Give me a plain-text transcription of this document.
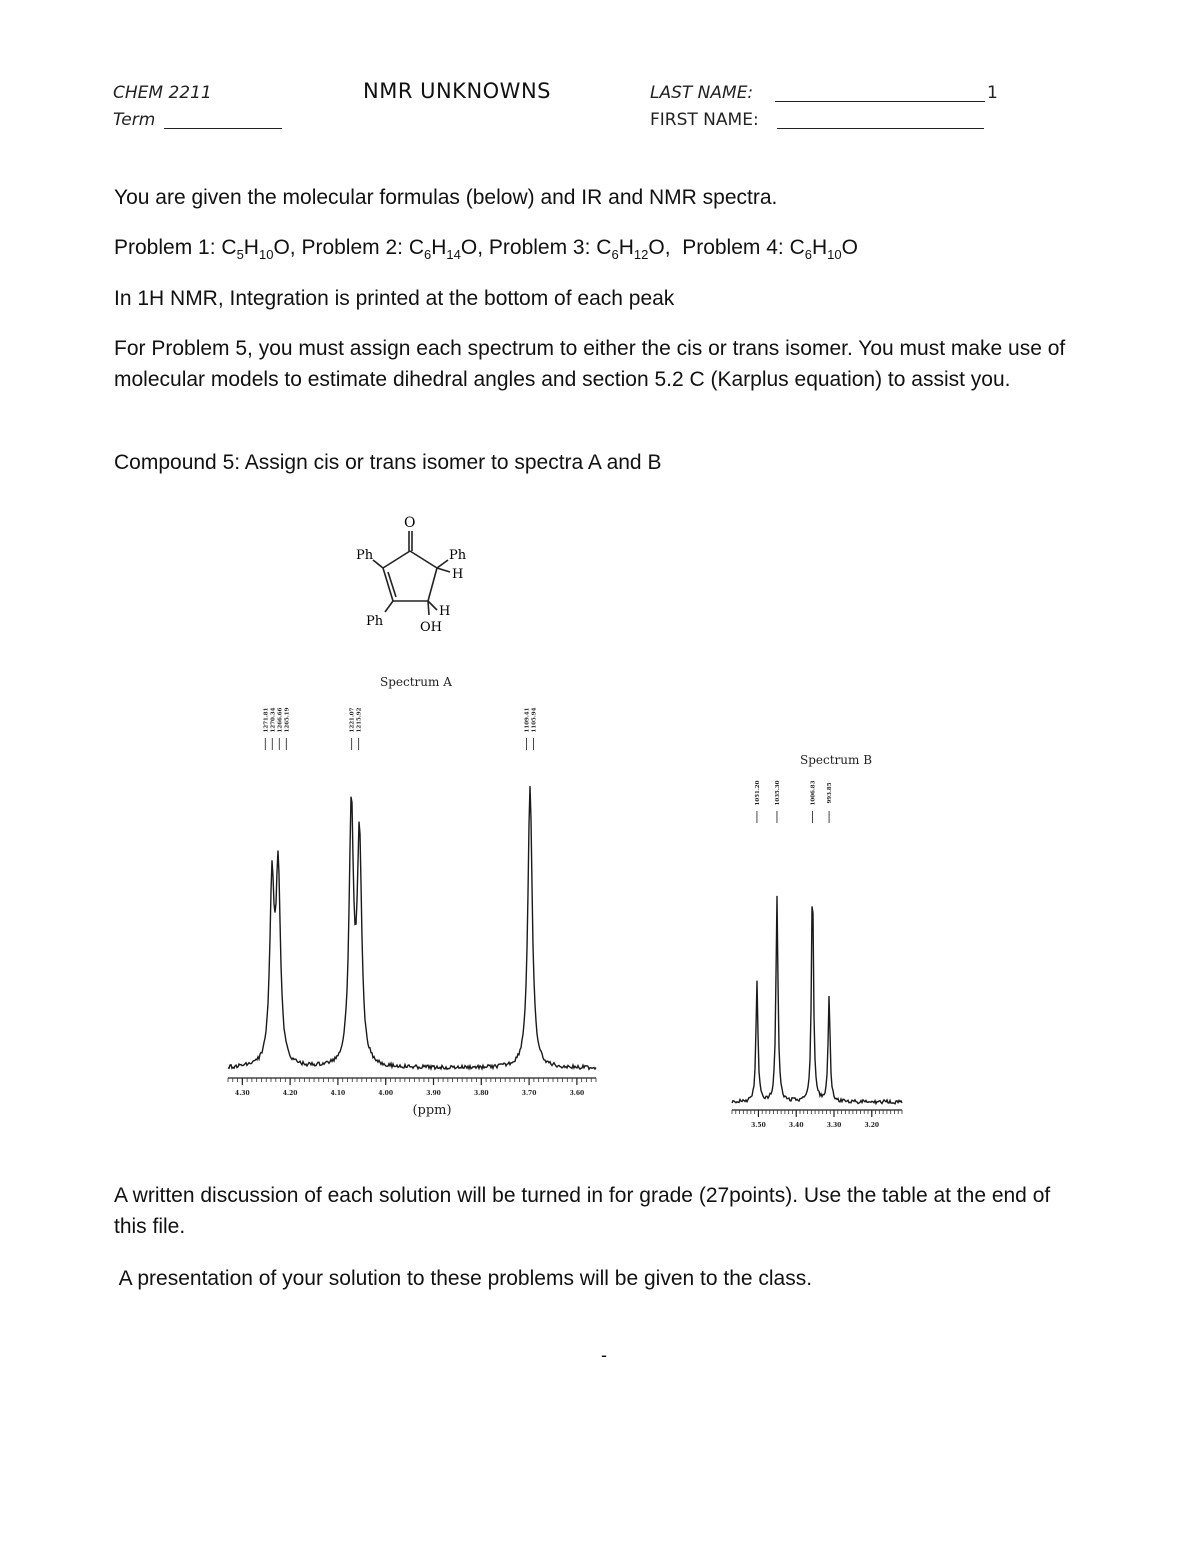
CHEM 2211	NMR UNKNOWNS	LAST NAME:	1
Term	FIRST NAME:
You are given the molecular formulas (below) and IR and NMR spectra.
Problem 1: $C_5H_{10}O$, Problem 2: $C_6H_{14}O$, Problem 3: $C_6H_{12}O$,  Problem 4: $C_6H_{10}O$
In 1H NMR, Integration is printed at the bottom of each peak
For Problem 5, you must assign each spectrum to either the cis or trans isomer. You must make use of molecular models to estimate dihedral angles and section 5.2 C (Karplus equation) to assist you.
Compound 5: Assign cis or trans isomer to spectra A and B
O
Ph	Ph
H
H
Ph	OH
Spectrum A
4.30	4.20	4.10	4.00	3.90	3.80	3.70	3.60
(ppm)
1271.81 1270.34 1266.66 1265.19	1221.07 1215.92	1109.41 1105.94
Spectrum B
3.50	3.40	3.30	3.20
1051.20	1035.30	1006.83 993.85
A written discussion of each solution will be turned in for grade (27points). Use the table at the end of this file.
A presentation of your solution to these problems will be given to the class.
-
